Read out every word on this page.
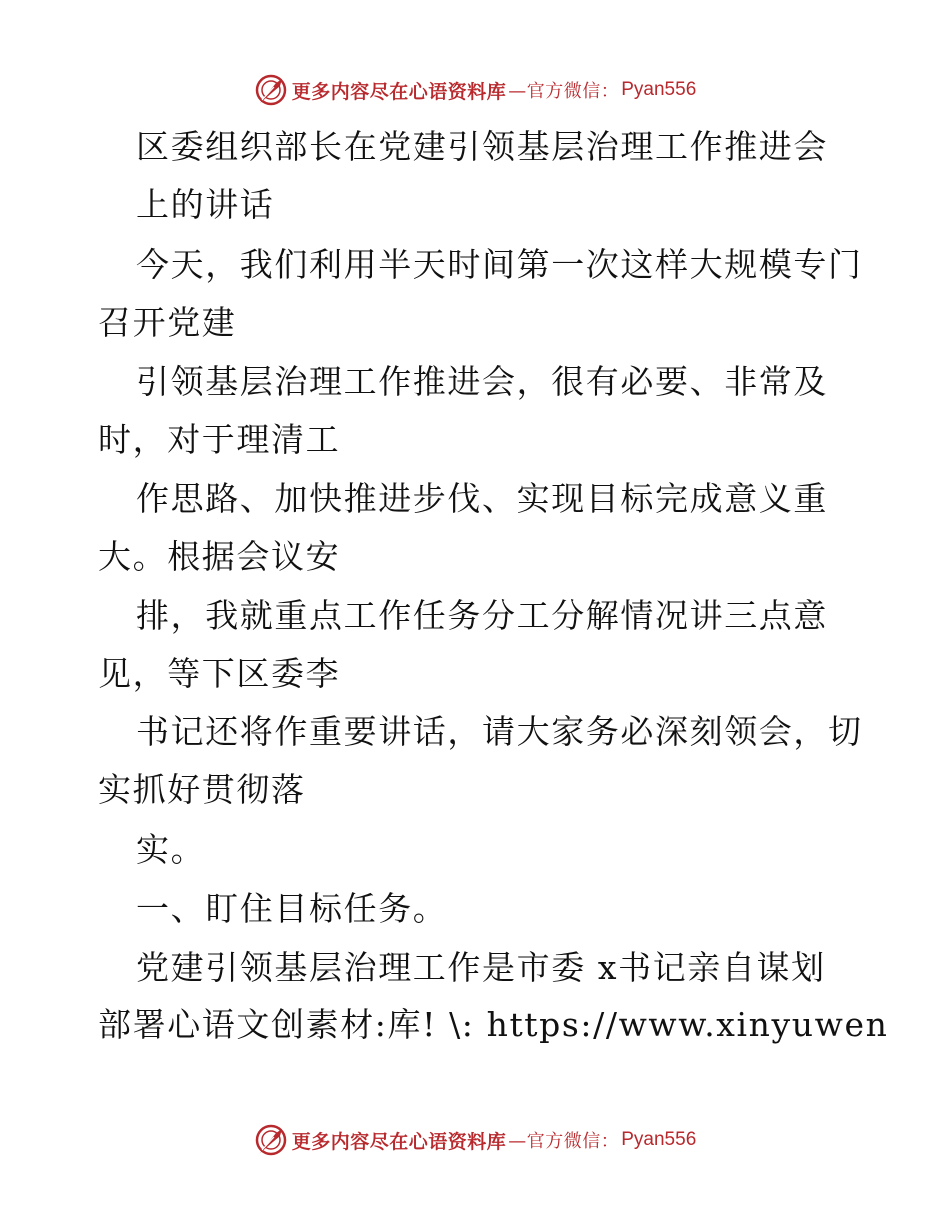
更多内容尽在心语资料库 —官方微信： Pyan556
区委组织部长在党建引领基层治理工作推进会
上的讲话
今天，我们利用半天时间第一次这样大规模专门
召开党建
引领基层治理工作推进会，很有必要、非常及
时，对于理清工
作思路、加快推进步伐、实现目标完成意义重
大。根据会议安
排，我就重点工作任务分工分解情况讲三点意
见，等下区委李
书记还将作重要讲话，请大家务必深刻领会，切
实抓好贯彻落
实。
一、盯住目标任务。
党建引领基层治理工作是市委 x书记亲自谋划
部署心语文创素材:库! \: https://www.xinyuwen
更多内容尽在心语资料库 —官方微信： Pyan556
